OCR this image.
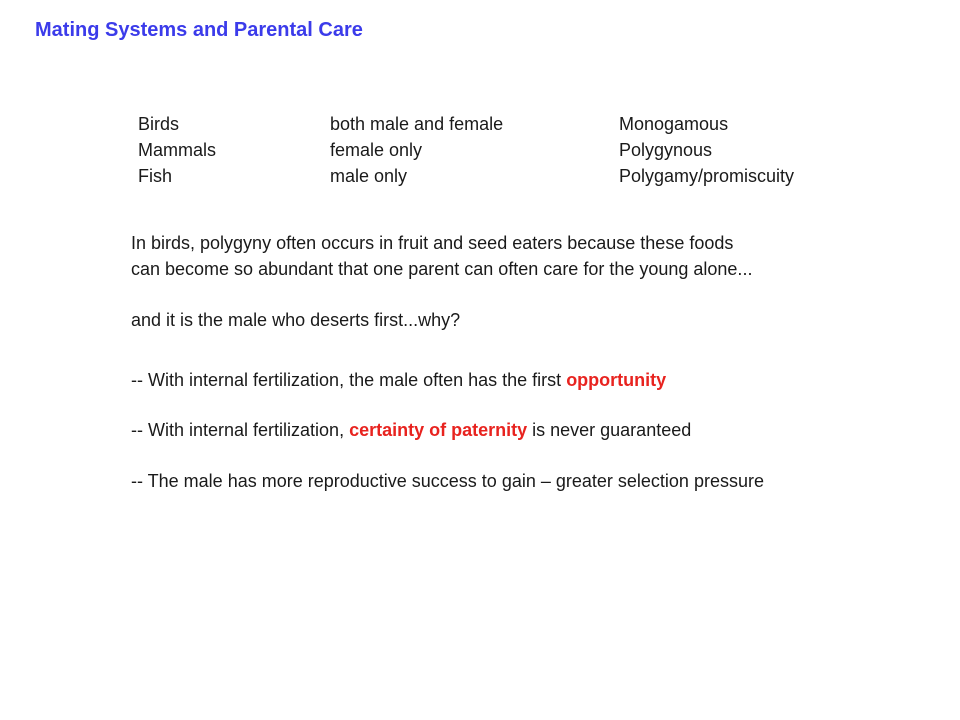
Mating Systems and Parental Care
Birds
Mammals
Fish
both male and female
female only
male only
Monogamous
Polygynous
Polygamy/promiscuity
In birds, polygyny often occurs in fruit and seed eaters because these foods
can become so abundant that one parent can often care for the young alone...
and it is the male who deserts first...why?
-- With internal fertilization, the male often has the first opportunity
-- With internal fertilization, certainty of paternity is never guaranteed
-- The male has more reproductive success to gain – greater selection pressure
